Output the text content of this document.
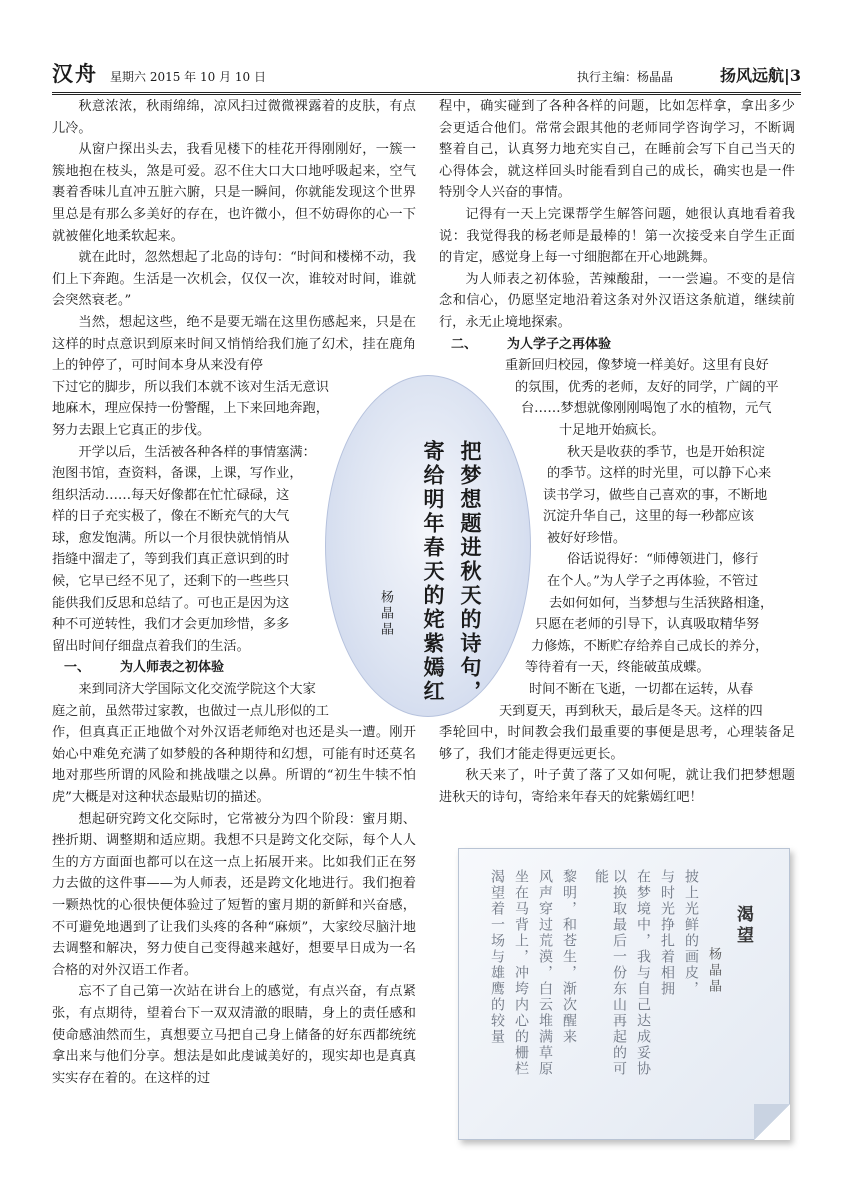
汉舟 星期六 2015 年 10 月 10 日	执行主编：杨晶晶	扬风远航|3

秋意浓浓，秋雨绵绵，凉风扫过微微裸露着的皮肤，有点儿冷。

从窗户探出头去，我看见楼下的桂花开得刚刚好，一簇一簇地抱在枝头，煞是可爱。忍不住大口大口地呼吸起来，空气裹着香味儿直冲五脏六腑，只是一瞬间，你就能发现这个世界里总是有那么多美好的存在，也许微小，但不妨碍你的心一下就被催化地柔软起来。

就在此时，忽然想起了北岛的诗句：“时间和楼梯不动，我们上下奔跑。生活是一次机会，仅仅一次，谁较对时间，谁就会突然衰老。”

当然，想起这些，绝不是要无端在这里伤感起来，只是在这样的时点意识到原来时间又悄悄给我们施了幻术，挂在鹿角上的钟停了，可时间本身从来没有停

下过它的脚步，所以我们本就不该对生活无意识

地麻木，理应保持一份警醒，上下来回地奔跑，

努力去跟上它真正的步伐。

开学以后，生活被各种各样的事情塞满：

泡图书馆，查资料，备课，上课，写作业，

组织活动……每天好像都在忙忙碌碌，这

样的日子充实极了，像在不断充气的大气

球，愈发饱满。所以一个月很快就悄悄从

指缝中溜走了，等到我们真正意识到的时

候，它早已经不见了，还剩下的一些些只

能供我们反思和总结了。可也正是因为这

种不可逆转性，我们才会更加珍惜，多多

留出时间仔细盘点着我们的生活。

一、 为人师表之初体验

来到同济大学国际文化交流学院这个大家

庭之前，虽然带过家教，也做过一点儿形似的工

作，但真真正正地做个对外汉语老师绝对也还是头一遭。刚开始心中难免充满了如梦般的各种期待和幻想，可能有时还莫名地对那些所谓的风险和挑战嗤之以鼻。所谓的“初生牛犊不怕虎”大概是对这种状态最贴切的描述。

想起研究跨文化交际时，它常被分为四个阶段：蜜月期、挫折期、调整期和适应期。我想不只是跨文化交际，每个人人生的方方面面也都可以在这一点上拓展开来。比如我们正在努力去做的这件事——为人师表，还是跨文化地进行。我们抱着一颗热忱的心很快便体验过了短暂的蜜月期的新鲜和兴奋感，不可避免地遇到了让我们头疼的各种“麻烦”，大家绞尽脑汁地去调整和解决，努力使自己变得越来越好，想要早日成为一名合格的对外汉语工作者。

忘不了自己第一次站在讲台上的感觉，有点兴奋，有点紧张，有点期待，望着台下一双双清澈的眼睛，身上的责任感和使命感油然而生，真想要立马把自己身上储备的好东西都统统拿出来与他们分享。想法是如此虔诚美好的，现实却也是真真实实存在着的。在这样的过

程中，确实碰到了各种各样的问题，比如怎样拿，拿出多少会更适合他们。常常会跟其他的老师同学咨询学习，不断调整着自己，认真努力地充实自己，在睡前会写下自己当天的心得体会，就这样回头时能看到自己的成长，确实也是一件特别令人兴奋的事情。

记得有一天上完课帮学生解答问题，她很认真地看着我说：我觉得我的杨老师是最棒的！第一次接受来自学生正面的肯定，感觉身上每一寸细胞都在开心地跳舞。

为人师表之初体验，苦辣酸甜，一一尝遍。不变的是信念和信心，仍愿坚定地沿着这条对外汉语这条航道，继续前行，永无止境地探索。

二、 为人学子之再体验

重新回归校园，像梦境一样美好。这里有良好

的氛围，优秀的老师，友好的同学，广阔的平

台……梦想就像刚刚喝饱了水的植物，元气

十足地开始疯长。

秋天是收获的季节，也是开始积淀

的季节。这样的时光里，可以静下心来

读书学习，做些自己喜欢的事，不断地

沉淀升华自己，这里的每一秒都应该

被好好珍惜。

俗话说得好：“师傅领进门，修行

在个人。”为人学子之再体验，不管过

去如何如何，当梦想与生活狭路相逢，

只愿在老师的引导下，认真吸取精华努

力修炼，不断贮存给养自己成长的养分，

等待着有一天，终能破茧成蝶。

时间不断在飞逝，一切都在运转，从春

天到夏天，再到秋天，最后是冬天。这样的四

季轮回中，时间教会我们最重要的事便是思考，心理装备足够了，我们才能走得更远更长。

秋天来了，叶子黄了落了又如何呢，就让我们把梦想题进秋天的诗句，寄给来年春天的姹紫嫣红吧！

把梦想题进秋天的诗句，
寄给明年春天的姹紫嫣红
杨晶晶
渴望
杨晶晶
披上光鲜的画皮，
与时光挣扎着相拥
在梦境中，我与自己达成妥协
以换取最后一份东山再起的可
能
黎明，和苍生，渐次醒来
风声穿过荒漠，白云堆满草原
坐在马背上，冲垮内心的栅栏
渴望着一场与雄鹰的较量
